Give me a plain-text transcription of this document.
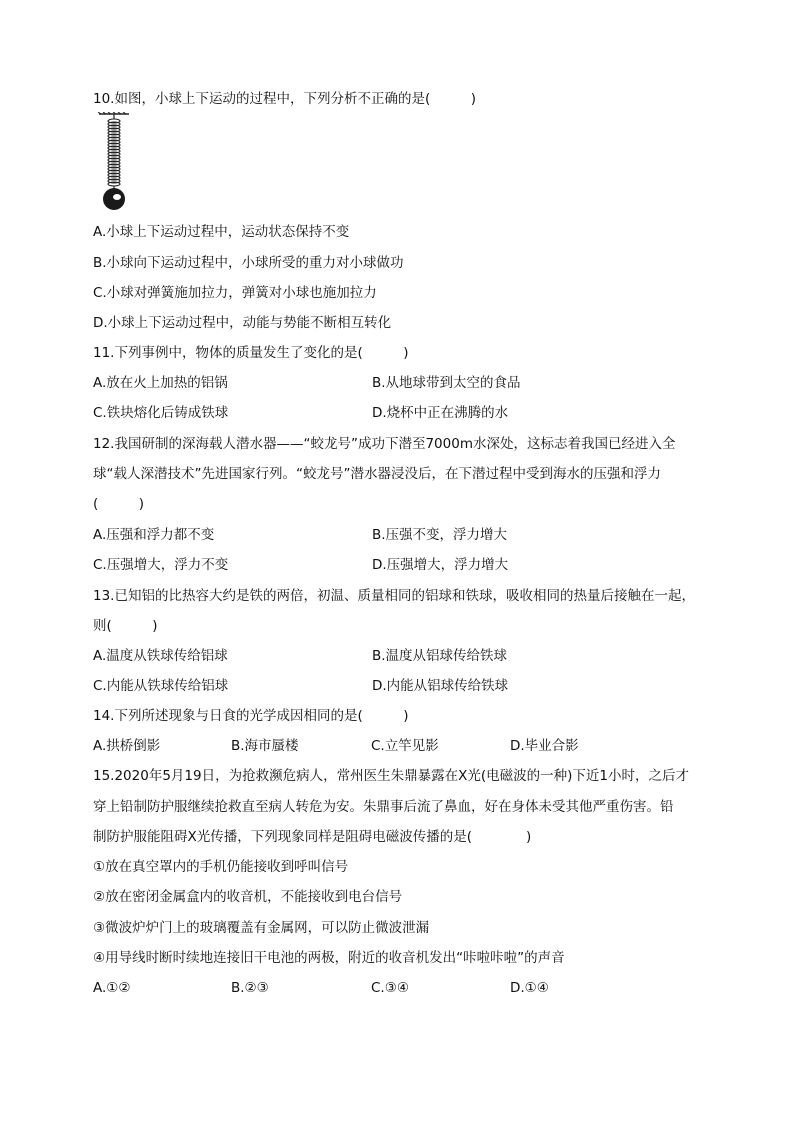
10.如图，小球上下运动的过程中，下列分析不正确的是(　　　)
A.小球上下运动过程中，运动状态保持不变
B.小球向下运动过程中，小球所受的重力对小球做功
C.小球对弹簧施加拉力，弹簧对小球也施加拉力
D.小球上下运动过程中，动能与势能不断相互转化
11.下列事例中，物体的质量发生了变化的是(　　　)
A.放在火上加热的铝锅	B.从地球带到太空的食品
C.铁块熔化后铸成铁球	D.烧杯中正在沸腾的水
12.我国研制的深海载人潜水器——“蛟龙号”成功下潜至7000m水深处，这标志着我国已经进入全
球“载人深潜技术”先进国家行列。“蛟龙号”潜水器浸没后，在下潜过程中受到海水的压强和浮力
(　　　)
A.压强和浮力都不变	B.压强不变，浮力增大
C.压强增大，浮力不变	D.压强增大，浮力增大
13.已知铝的比热容大约是铁的两倍，初温、质量相同的铝球和铁球，吸收相同的热量后接触在一起，
则(　　　)
A.温度从铁球传给铝球	B.温度从铝球传给铁球
C.内能从铁球传给铝球	D.内能从铝球传给铁球
14.下列所述现象与日食的光学成因相同的是(　　　)
A.拱桥倒影	B.海市蜃楼	C.立竿见影	D.毕业合影
15.2020年5月19日，为抢救濒危病人，常州医生朱鼎暴露在X光(电磁波的一种)下近1小时，之后才
穿上铅制防护服继续抢救直至病人转危为安。朱鼎事后流了鼻血，好在身体未受其他严重伤害。铅
制防护服能阻碍X光传播，下列现象同样是阻碍电磁波传播的是(　　　　)
①放在真空罩内的手机仍能接收到呼叫信号
②放在密闭金属盒内的收音机，不能接收到电台信号
③微波炉炉门上的玻璃覆盖有金属网，可以防止微波泄漏
④用导线时断时续地连接旧干电池的两极，附近的收音机发出“咔啦咔啦”的声音
A.①②	B.②③	C.③④	D.①④
